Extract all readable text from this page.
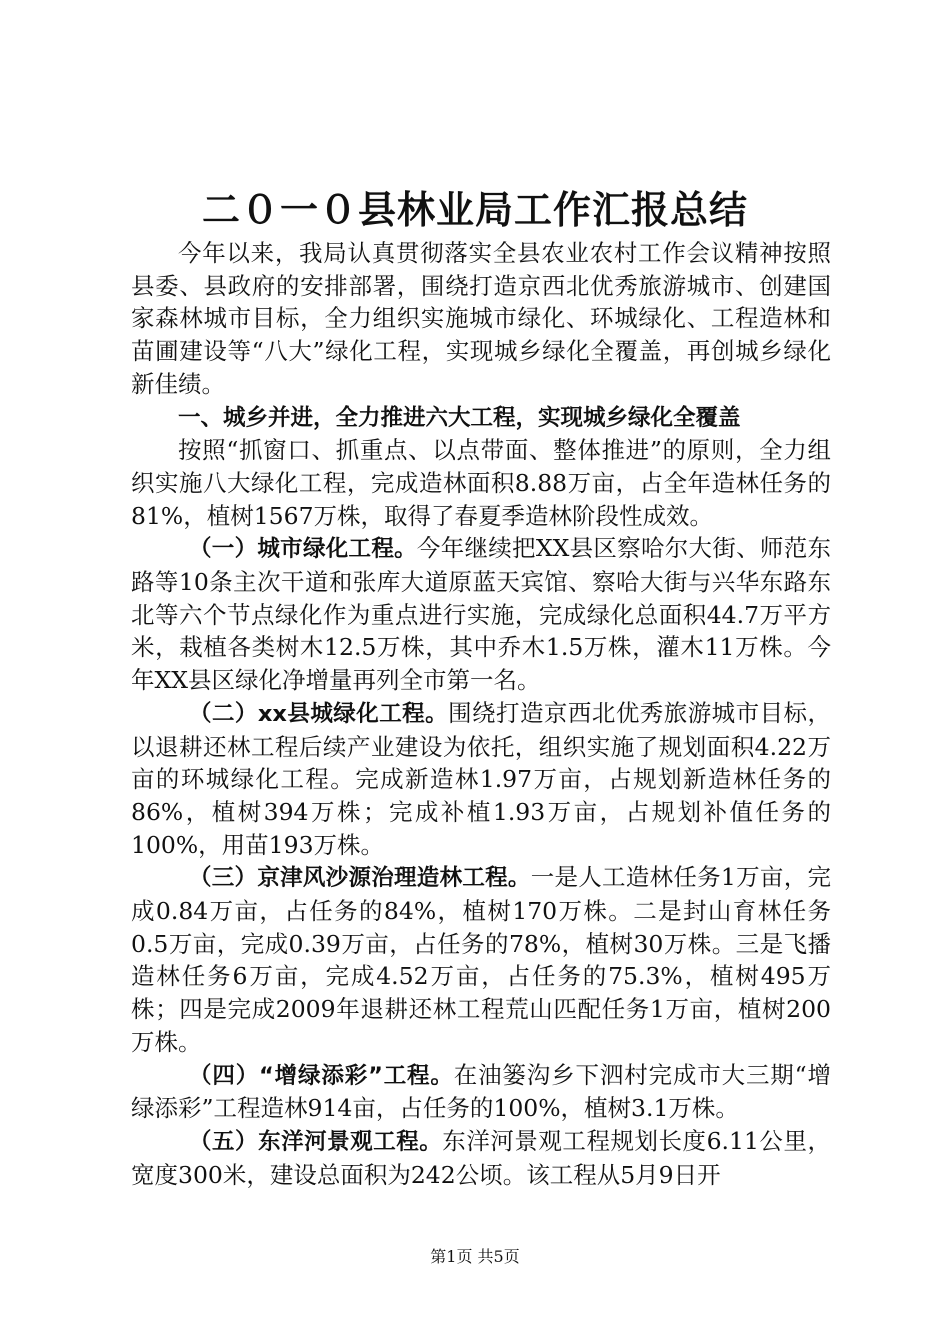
二０一０县林业局工作汇报总结

今年以来，我局认真贯彻落实全县农业农村工作会议精神按照县委、县政府的安排部署，围绕打造京西北优秀旅游城市、创建国家森林城市目标，全力组织实施城市绿化、环城绿化、工程造林和苗圃建设等“八大”绿化工程，实现城乡绿化全覆盖，再创城乡绿化新佳绩。

一、城乡并进，全力推进六大工程，实现城乡绿化全覆盖

按照“抓窗口、抓重点、以点带面、整体推进”的原则，全力组织实施八大绿化工程，完成造林面积8.88万亩，占全年造林任务的81%，植树1567万株，取得了春夏季造林阶段性成效。

（一）城市绿化工程。今年继续把XX县区察哈尔大街、师范东路等10条主次干道和张库大道原蓝天宾馆、察哈大街与兴华东路东北等六个节点绿化作为重点进行实施，完成绿化总面积44.7万平方米，栽植各类树木12.5万株，其中乔木1.5万株，灌木11万株。今年XX县区绿化净增量再列全市第一名。

（二）xx县城绿化工程。围绕打造京西北优秀旅游城市目标，以退耕还林工程后续产业建设为依托，组织实施了规划面积4.22万亩的环城绿化工程。完成新造林1.97万亩，占规划新造林任务的86%，植树394万株；完成补植1.93万亩，占规划补值任务的100%，用苗193万株。

（三）京津风沙源治理造林工程。一是人工造林任务1万亩，完成0.84万亩，占任务的84%，植树170万株。二是封山育林任务0.5万亩，完成0.39万亩，占任务的78%，植树30万株。三是飞播造林任务6万亩，完成4.52万亩，占任务的75.3%，植树495万株；四是完成2009年退耕还林工程荒山匹配任务1万亩，植树200万株。

（四）“增绿添彩”工程。在油篓沟乡下泗村完成市大三期“增绿添彩”工程造林914亩，占任务的100%，植树3.1万株。

（五）东洋河景观工程。东洋河景观工程规划长度6.11公里，宽度300米，建设总面积为242公顷。该工程从5月9日开

第1页 共5页
